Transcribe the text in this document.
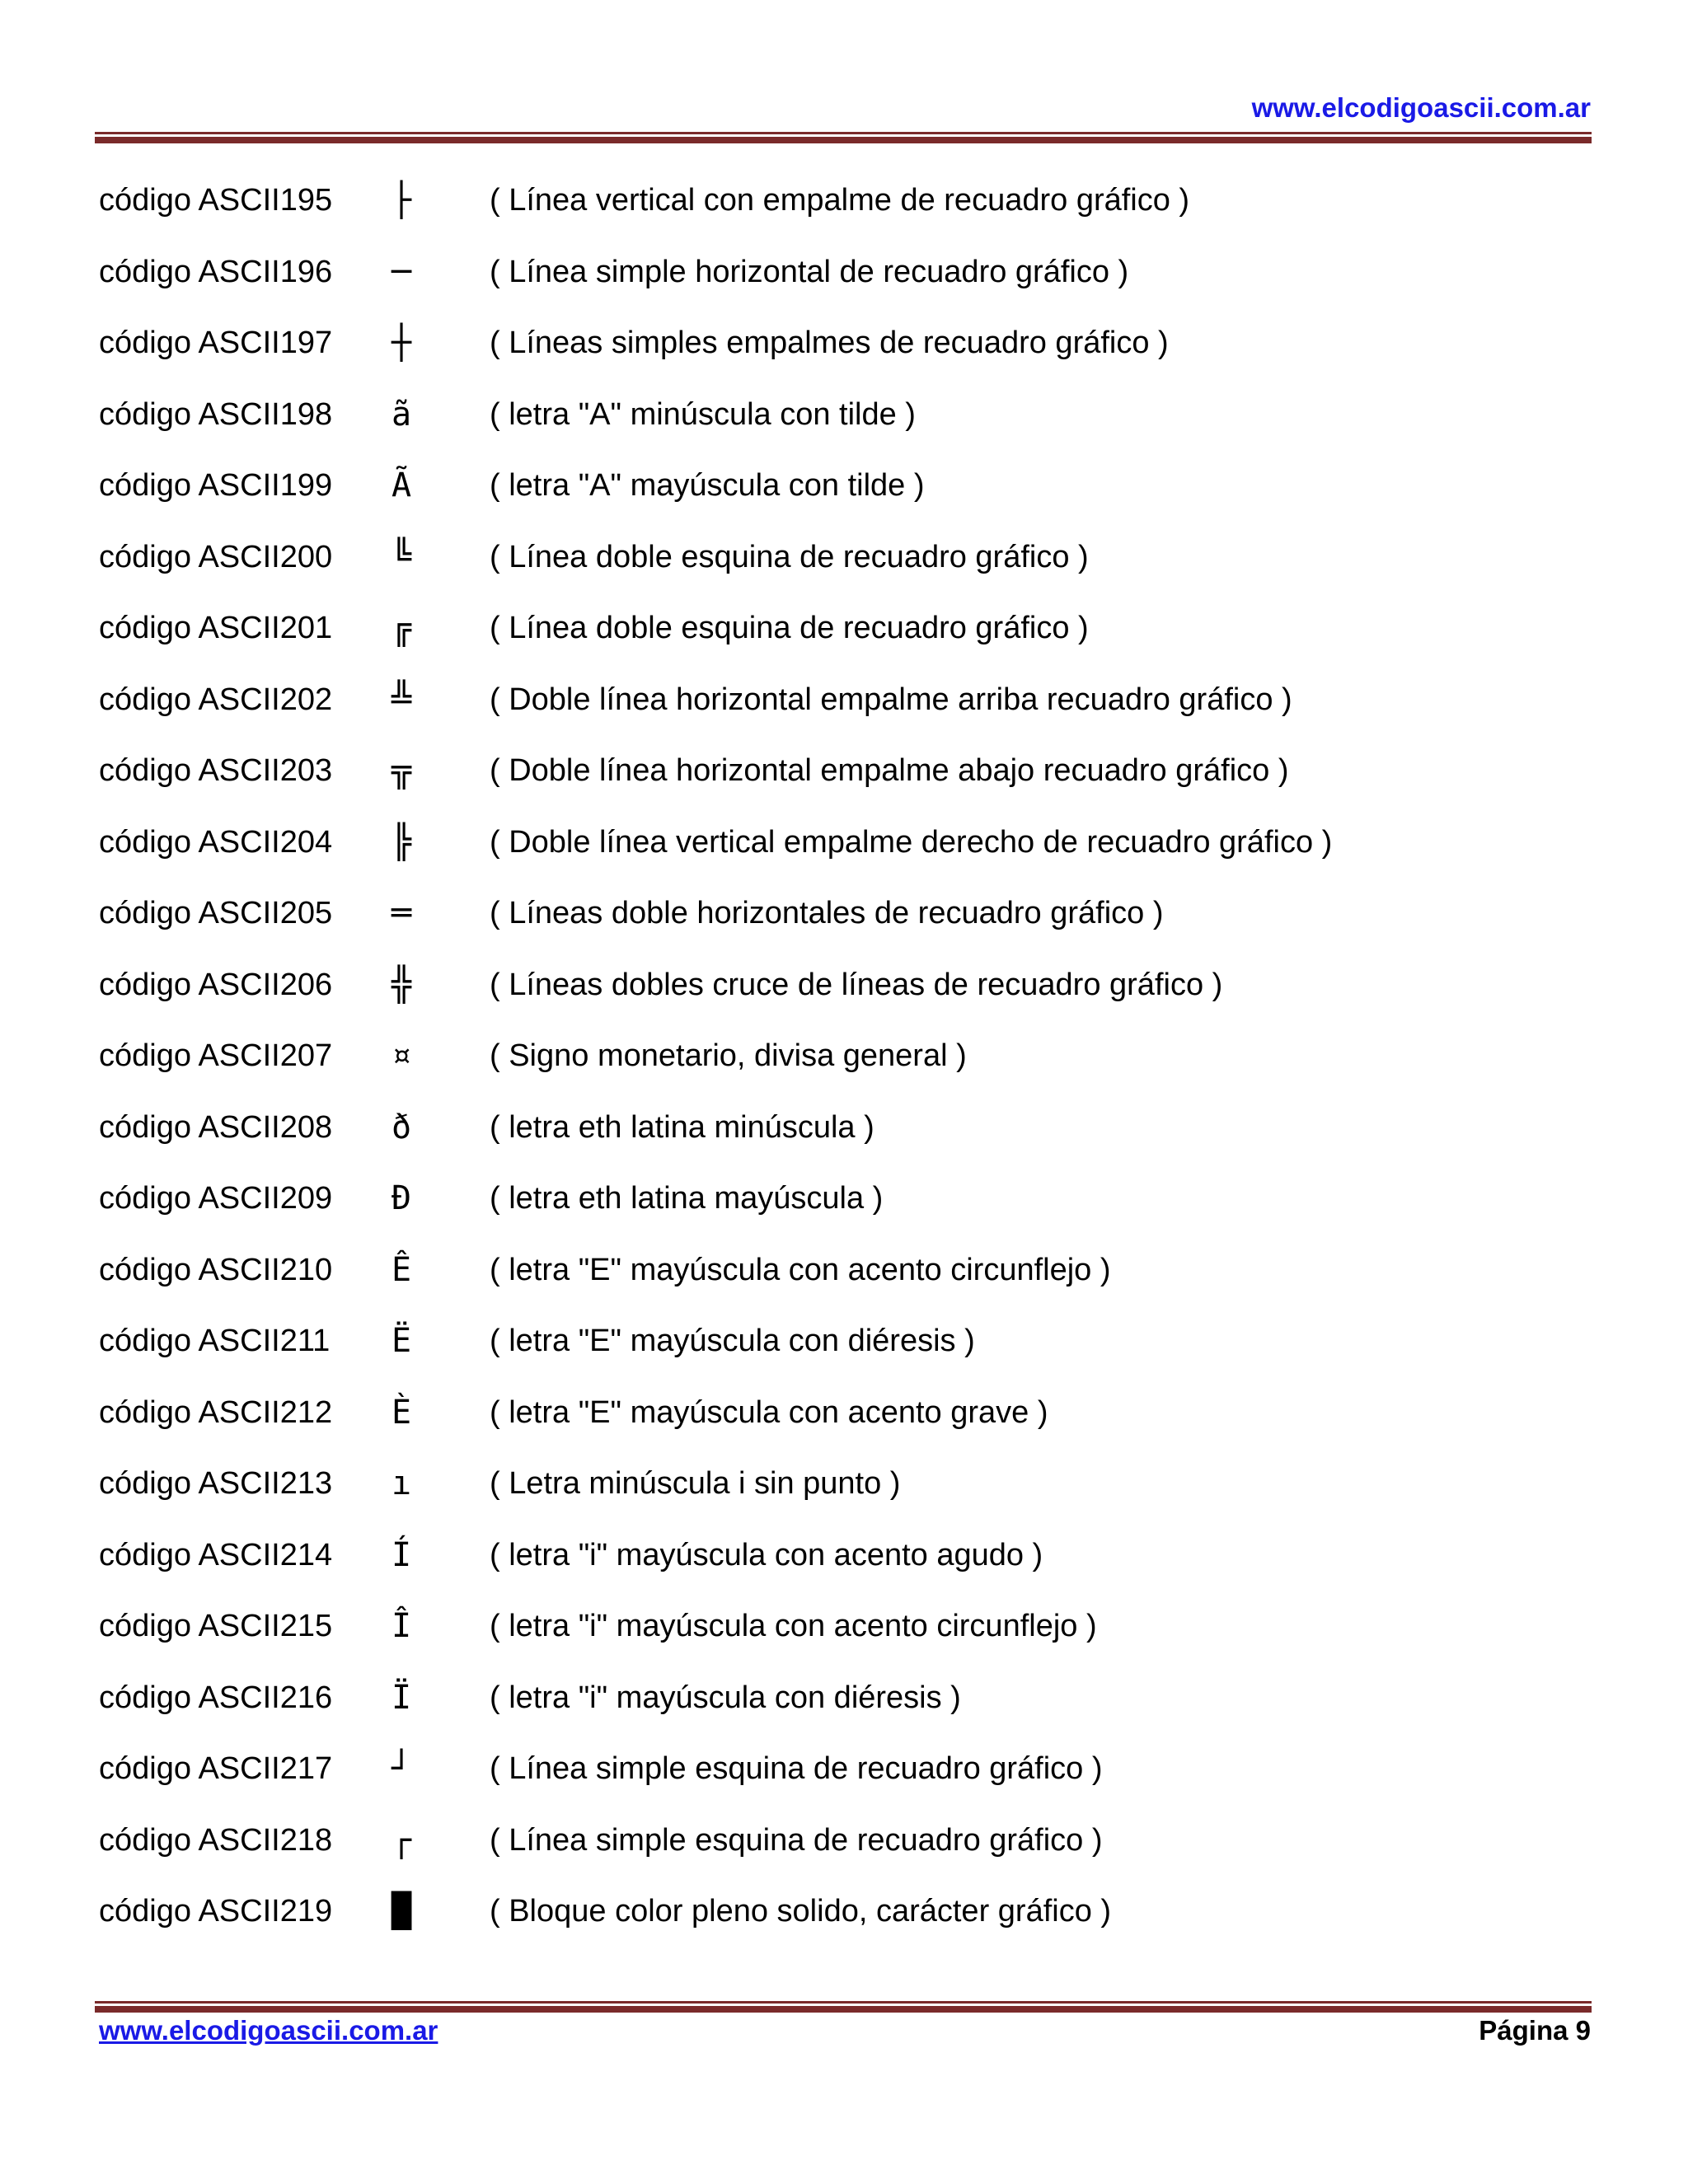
www.elcodigoascii.com.ar
código ASCII195 ├	( Línea vertical con empalme de recuadro gráfico )
código ASCII196 ─	( Línea simple horizontal de recuadro gráfico )
código ASCII197 ┼	( Líneas simples empalmes de recuadro gráfico )
código ASCII198 ã	( letra "A" minúscula con tilde )
código ASCII199 Ã	( letra "A" mayúscula con tilde )
código ASCII200 ╚	( Línea doble esquina de recuadro gráfico )
código ASCII201 ╔	( Línea doble esquina de recuadro gráfico )
código ASCII202 ╩	( Doble línea horizontal empalme arriba recuadro gráfico )
código ASCII203 ╦	( Doble línea horizontal empalme abajo recuadro gráfico )
código ASCII204 ╠	( Doble línea vertical empalme derecho de recuadro gráfico )
código ASCII205 ═	( Líneas doble horizontales de recuadro gráfico )
código ASCII206 ╬	( Líneas dobles cruce de líneas de recuadro gráfico )
código ASCII207 ¤	( Signo monetario, divisa general )
código ASCII208 ð	( letra eth latina minúscula )
código ASCII209 Ð	( letra eth latina mayúscula )
código ASCII210 Ê	( letra "E" mayúscula con acento circunflejo )
código ASCII211 Ë	( letra "E" mayúscula con diéresis )
código ASCII212 È	( letra "E" mayúscula con acento grave )
código ASCII213 ı	( Letra minúscula i sin punto )
código ASCII214 Í	( letra "i" mayúscula con acento agudo )
código ASCII215 Î	( letra "i" mayúscula con acento circunflejo )
código ASCII216 Ï	( letra "i" mayúscula con diéresis )
código ASCII217 ┘	( Línea simple esquina de recuadro gráfico )
código ASCII218 ┌	( Línea simple esquina de recuadro gráfico )
código ASCII219 █	( Bloque color pleno solido, carácter gráfico )
www.elcodigoascii.com.ar	Página 9
